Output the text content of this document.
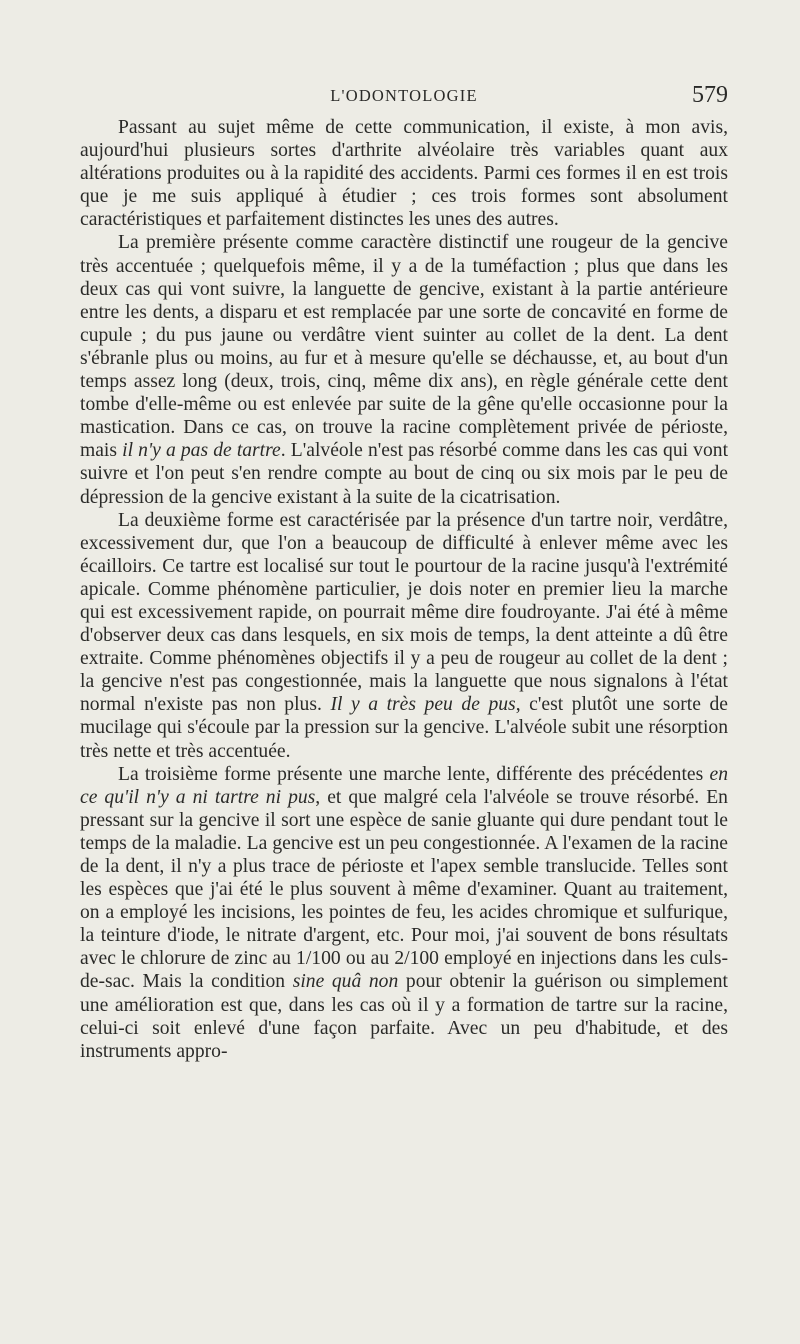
L'ODONTOLOGIE	579

Passant au sujet même de cette communication, il existe, à mon avis, aujourd'hui plusieurs sortes d'arthrite alvéolaire très variables quant aux altérations produites ou à la rapidité des accidents. Parmi ces formes il en est trois que je me suis appliqué à étudier ; ces trois formes sont absolument caractéristiques et parfaitement distinctes les unes des autres.

La première présente comme caractère distinctif une rougeur de la gencive très accentuée ; quelquefois même, il y a de la tuméfaction ; plus que dans les deux cas qui vont suivre, la languette de gencive, existant à la partie antérieure entre les dents, a disparu et est remplacée par une sorte de concavité en forme de cupule ; du pus jaune ou verdâtre vient suinter au collet de la dent. La dent s'ébranle plus ou moins, au fur et à mesure qu'elle se déchausse, et, au bout d'un temps assez long (deux, trois, cinq, même dix ans), en règle générale cette dent tombe d'elle-même ou est enlevée par suite de la gêne qu'elle occasionne pour la mastication. Dans ce cas, on trouve la racine complètement privée de périoste, mais il n'y a pas de tartre. L'alvéole n'est pas résorbé comme dans les cas qui vont suivre et l'on peut s'en rendre compte au bout de cinq ou six mois par le peu de dépression de la gencive existant à la suite de la cicatrisation.

La deuxième forme est caractérisée par la présence d'un tartre noir, verdâtre, excessivement dur, que l'on a beaucoup de difficulté à enlever même avec les écailloirs. Ce tartre est localisé sur tout le pourtour de la racine jusqu'à l'extrémité apicale. Comme phénomène particulier, je dois noter en premier lieu la marche qui est excessivement rapide, on pourrait même dire foudroyante. J'ai été à même d'observer deux cas dans lesquels, en six mois de temps, la dent atteinte a dû être extraite. Comme phénomènes objectifs il y a peu de rougeur au collet de la dent ; la gencive n'est pas congestionnée, mais la languette que nous signalons à l'état normal n'existe pas non plus. Il y a très peu de pus, c'est plutôt une sorte de mucilage qui s'écoule par la pression sur la gencive. L'alvéole subit une résorption très nette et très accentuée.

La troisième forme présente une marche lente, différente des précédentes en ce qu'il n'y a ni tartre ni pus, et que malgré cela l'alvéole se trouve résorbé. En pressant sur la gencive il sort une espèce de sanie gluante qui dure pendant tout le temps de la maladie. La gencive est un peu congestionnée. A l'examen de la racine de la dent, il n'y a plus trace de périoste et l'apex semble translucide. Telles sont les espèces que j'ai été le plus souvent à même d'examiner. Quant au traitement, on a employé les incisions, les pointes de feu, les acides chromique et sulfurique, la teinture d'iode, le nitrate d'argent, etc. Pour moi, j'ai souvent de bons résultats avec le chlorure de zinc au 1/100 ou au 2/100 employé en injections dans les culs-de-sac. Mais la condition sine quâ non pour obtenir la guérison ou simplement une amélioration est que, dans les cas où il y a formation de tartre sur la racine, celui-ci soit enlevé d'une façon parfaite. Avec un peu d'habitude, et des instruments appro-
